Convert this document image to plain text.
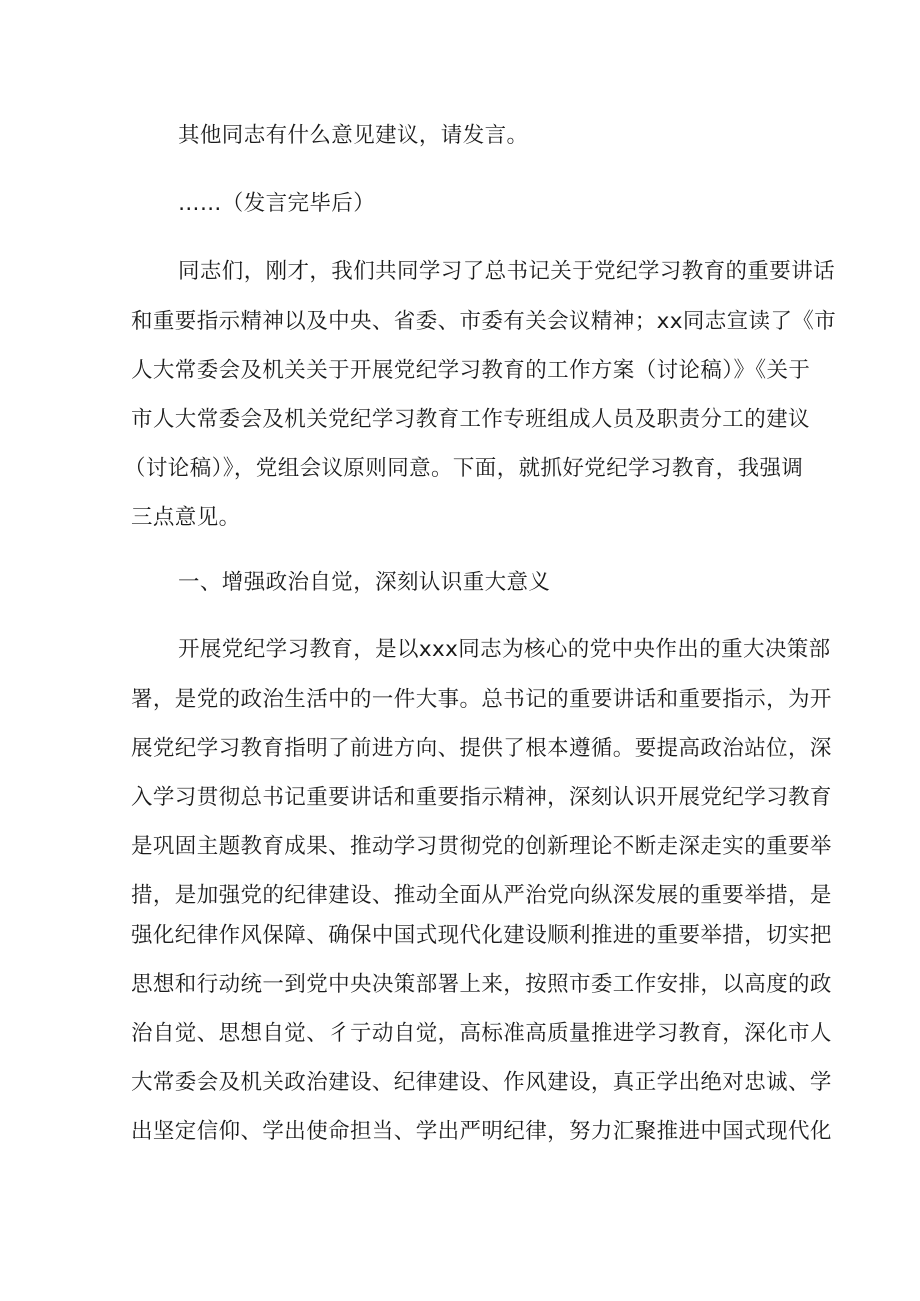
其他同志有什么意见建议，请发言。
……（发言完毕后）
同志们，刚才，我们共同学习了总书记关于党纪学习教育的重要讲话
和重要指示精神以及中央、省委、市委有关会议精神；xx同志宣读了《市
人大常委会及机关关于开展党纪学习教育的工作方案（讨论稿）》《关于
市人大常委会及机关党纪学习教育工作专班组成人员及职责分工的建议
（讨论稿）》，党组会议原则同意。下面，就抓好党纪学习教育，我强调
三点意见。
一、增强政治自觉，深刻认识重大意义
开展党纪学习教育，是以xxx同志为核心的党中央作出的重大决策部
署，是党的政治生活中的一件大事。总书记的重要讲话和重要指示，为开
展党纪学习教育指明了前进方向、提供了根本遵循。要提高政治站位，深
入学习贯彻总书记重要讲话和重要指示精神，深刻认识开展党纪学习教育
是巩固主题教育成果、推动学习贯彻党的创新理论不断走深走实的重要举
措，是加强党的纪律建设、推动全面从严治党向纵深发展的重要举措，是
强化纪律作风保障、确保中国式现代化建设顺利推进的重要举措，切实把
思想和行动统一到党中央决策部署上来，按照市委工作安排，以高度的政
治自觉、思想自觉、彳亍动自觉，高标准高质量推进学习教育，深化市人
大常委会及机关政治建设、纪律建设、作风建设，真正学出绝对忠诚、学
出坚定信仰、学出使命担当、学出严明纪律，努力汇聚推进中国式现代化
